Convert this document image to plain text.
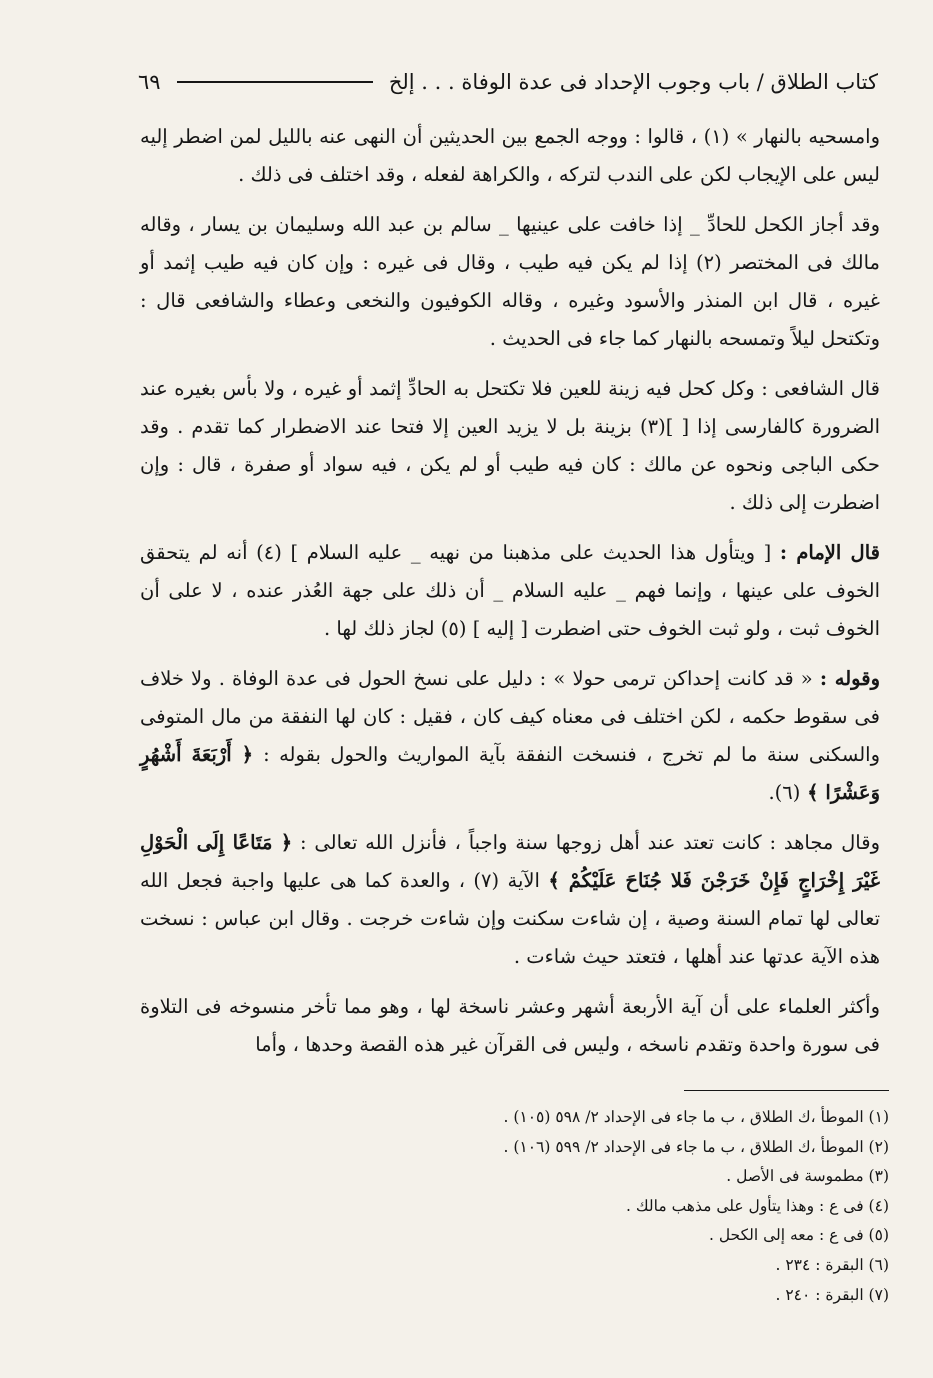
كتاب الطلاق / باب وجوب الإحداد فى عدة الوفاة . . . إلخ
٦٩

وامسحيه بالنهار » (١) ، قالوا : ووجه الجمع بين الحديثين أن النهى عنه بالليل لمن اضطر إليه ليس على الإيجاب لكن على الندب لتركه ، والكراهة لفعله ، وقد اختلف فى ذلك .

وقد أجاز الكحل للحادِّ _ إذا خافت على عينيها _ سالم بن عبد الله وسليمان بن يسار ، وقاله مالك فى المختصر (٢) إذا لم يكن فيه طيب ، وقال فى غيره : وإن كان فيه طيب إثمد أو غيره ، قال ابن المنذر والأسود وغيره ، وقاله الكوفيون والنخعى وعطاء والشافعى قال : وتكتحل ليلاً وتمسحه بالنهار كما جاء فى الحديث .

قال الشافعى : وكل كحل فيه زينة للعين فلا تكتحل به الحادِّ إثمد أو غيره ، ولا بأس بغيره عند الضرورة كالفارسى إذا [ ](٣) بزينة بل لا يزيد العين إلا فتحا عند الاضطرار كما تقدم . وقد حكى الباجى ونحوه عن مالك : كان فيه طيب أو لم يكن ، فيه سواد أو صفرة ، قال : وإن اضطرت إلى ذلك .

قال الإمام : [ ويتأول هذا الحديث على مذهبنا من نهيه _ عليه السلام ] (٤) أنه لم يتحقق الخوف على عينها ، وإنما فهم _ عليه السلام _ أن ذلك على جهة العُذر عنده ، لا على أن الخوف ثبت ، ولو ثبت الخوف حتى اضطرت [ إليه ] (٥) لجاز ذلك لها .

وقوله : « قد كانت إحداكن ترمى حولا » : دليل على نسخ الحول فى عدة الوفاة . ولا خلاف فى سقوط حكمه ، لكن اختلف فى معناه كيف كان ، فقيل : كان لها النفقة من مال المتوفى والسكنى سنة ما لم تخرج ، فنسخت النفقة بآية المواريث والحول بقوله : ﴿ أَرْبَعَةَ أَشْهُرٍ وَعَشْرًا ﴾ (٦).

وقال مجاهد : كانت تعتد عند أهل زوجها سنة واجباً ، فأنزل الله تعالى : ﴿ مَتَاعًا إِلَى الْحَوْلِ غَيْرَ إِخْرَاجٍ فَإِنْ خَرَجْنَ فَلا جُنَاحَ عَلَيْكُمْ ﴾ الآية (٧) ، والعدة كما هى عليها واجبة فجعل الله تعالى لها تمام السنة وصية ، إن شاءت سكنت وإن شاءت خرجت . وقال ابن عباس : نسخت هذه الآية عدتها عند أهلها ، فتعتد حيث شاءت .

وأكثر العلماء على أن آية الأربعة أشهر وعشر ناسخة لها ، وهو مما تأخر منسوخه فى التلاوة فى سورة واحدة وتقدم ناسخه ، وليس فى القرآن غير هذه القصة وحدها ، وأما

(١) الموطأ ،ك الطلاق ، ب ما جاء فى الإحداد ٢/ ٥٩٨ (١٠٥) .

(٢) الموطأ ،ك الطلاق ، ب ما جاء فى الإحداد ٢/ ٥٩٩ (١٠٦) .

(٣) مطموسة فى الأصل .

(٤) فى ع : وهذا يتأول على مذهب مالك .

(٥) فى ع : معه إلى الكحل .

(٦) البقرة : ٢٣٤ .

(٧) البقرة : ٢٤٠ .
